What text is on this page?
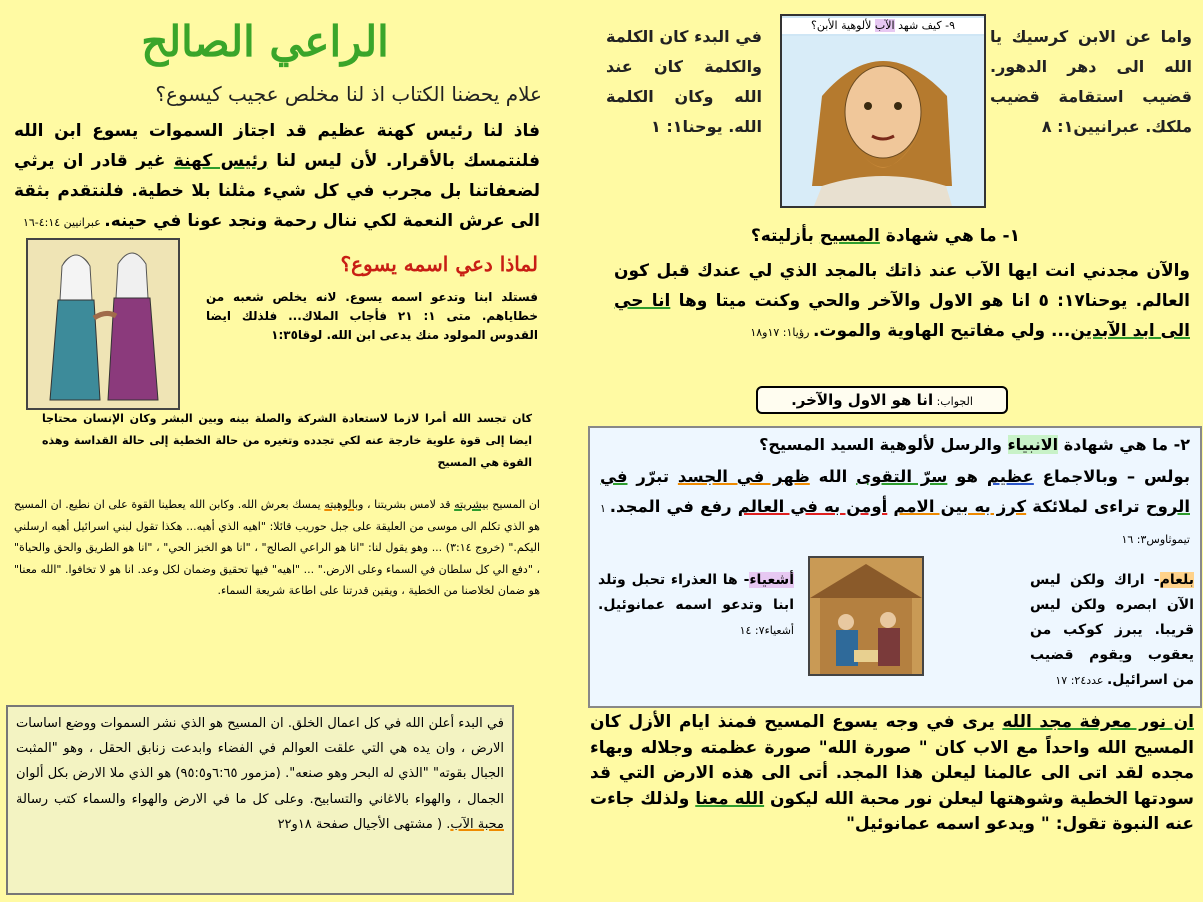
الراعي الصالح
علام يحضنا الكتاب اذ لنا مخلص عجيب كيسوع؟
فاذ لنا رئيس كهنة عظيم قد اجتاز السموات يسوع ابن الله فلنتمسك بالأقرار. لأن ليس لنا رئيس كهنة غير قادر ان يرثي لضعفاتنا بل مجرب في كل شيء مثلنا بلا خطية. فلنتقدم بثقة الى عرش النعمة لكي ننال رحمة ونجد عونا في حينه. عبرانيين ٤:١٤-١٦
لماذا دعي اسمه يسوع؟
فستلد ابنا وتدعو اسمه يسوع. لانه يخلص شعبه من خطاياهم. متى ١: ٢١ فأجاب الملاك... فلذلك ايضا القدوس المولود منك يدعى ابن الله. لوقا١:٣٥
كان تجسد الله أمرا لازما لاستعادة الشركة والصلة بينه وبين البشر وكان الإنسان محتاجا ايضا إلى قوة علوية خارجة عنه لكي تجدده وتغيره من حالة الخطية إلى حالة القداسة وهذه القوة هي المسيح
ان المسيح بيشريته قد لامس بشريتنا ، وبالوهيته يمسك بعرش الله. وكابن الله يعطينا القوة على ان نطيع. ان المسيح هو الذي تكلم الى موسى من العليقة على جبل حوريب قائلا: "اهيه الذي أهيه... هكذا تقول لبني اسرائيل أهيه ارسلني اليكم." (خروج ٣:١٤) ... وهو يقول لنا: "انا هو الراعي الصالح" ، "انا هو الخبز الحي" ، "انا هو الطريق والحق والحياة" ، "دفع الي كل سلطان في السماء وعلى الارض." ... "اهيه" فيها تحقيق وضمان لكل وعد. انا هو لا تخافوا. "الله معنا" هو ضمان لخلاصنا من الخطية ، ويقين قدرتنا على اطاعة شريعة السماء.
في البدء أعلن الله في كل اعمال الخلق. ان المسيح هو الذي نشر السموات ووضع اساسات الارض ، وان يده هي التي علقت العوالم في الفضاء وابدعت زنابق الحقل ، وهو "المثبت الجبال بقوته" "الذي له البحر وهو صنعه". (مزمور ٦:٦٥و٩٥:٥) هو الذي ملا الارض بكل ألوان الجمال ، والهواء بالاغاني والتسابيح. وعلى كل ما في الارض والهواء والسماء كتب رسالة محبة الآب. ( مشتهى الأجيال صفحة ١٨و٢٢
واما عن الابن كرسيك يا الله الى دهر الدهور. قضيب استقامة قضيب ملكك. عبرانيين١: ٨
٩- كيف شهد الآب لألوهية الأبن؟
في البدء كان الكلمة والكلمة كان عند الله وكان الكلمة الله. يوحنا١: ١
١- ما هي شهادة المسيح بأزليته؟
والآن مجدني انت ايها الآب عند ذاتك بالمجد الذي لي عندك قبل كون العالم. يوحنا١٧: ٥ انا هو الاول والآخر والحي وكنت ميتا وها انا حي الى ابد الآبدين... ولي مفاتيح الهاوية والموت. رؤيا١: ١٧و١٨
الجواب: انا هو الاول والآخر.
٢- ما هي شهادة الانبياء والرسل لألوهية السيد المسيح؟
بولس – وبالاجماع عظيم هو سرّ التقوى الله ظهر في الجسد تبرّر في الروح تراءى لملائكة كرز به بين الامم أومن به في العالم رفع في المجد. ١ تيموثاوس٣: ١٦
بلعام- اراك ولكن ليس الآن ابصره ولكن ليس قريبا. يبرز كوكب من يعقوب ويقوم قضيب من اسرائيل. عدد٢٤: ١٧
أشعياء- ها العذراء تحبل وتلد ابنا وتدعو اسمه عمانوئيل. أشعياء٧: ١٤
ان نور معرفة مجد الله يرى في وجه يسوع المسيح فمنذ ايام الأزل كان المسيح الله واحداً مع الاب كان " صورة الله" صورة عظمته وجلاله وبهاء مجده لقد اتى الى عالمنا ليعلن هذا المجد. أتى الى هذه الارض التي قد سودتها الخطية وشوهتها ليعلن نور محبة الله ليكون الله معنا ولذلك جاءت عنه النبوة تقول: " ويدعو اسمه عمانوئيل"
